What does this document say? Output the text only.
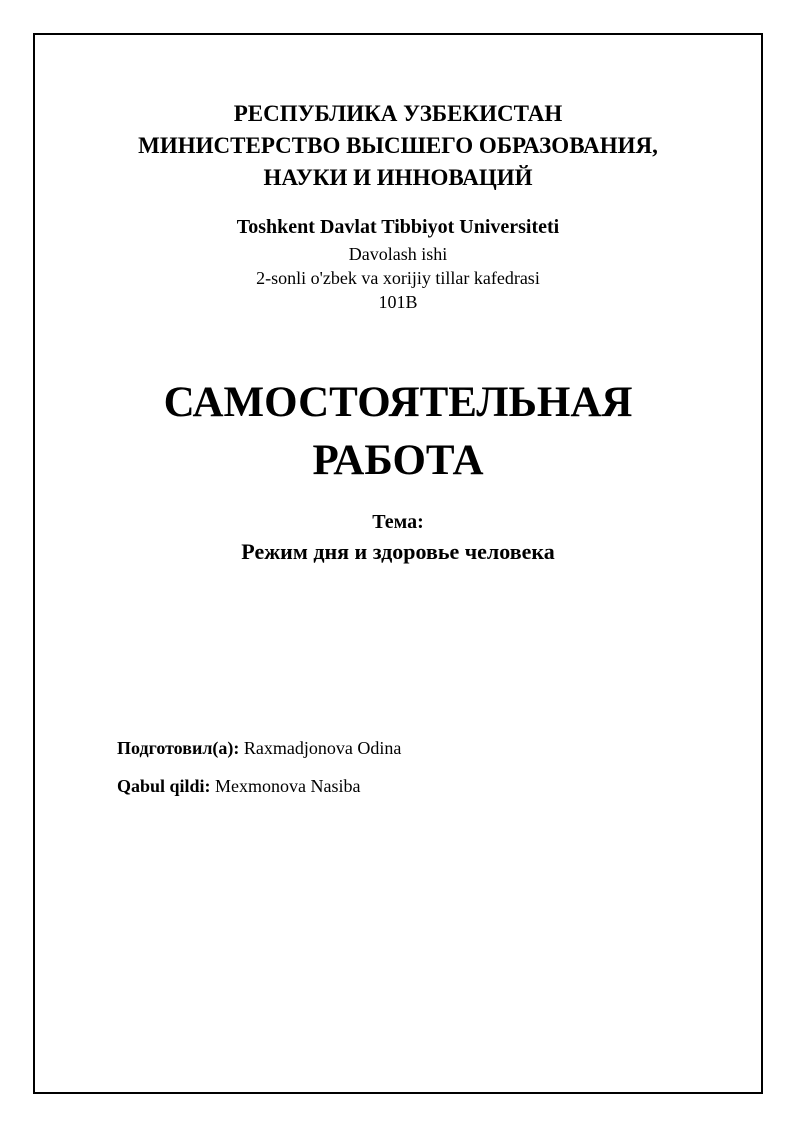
РЕСПУБЛИКА УЗБЕКИСТАН
МИНИСТЕРСТВО ВЫСШЕГО ОБРАЗОВАНИЯ,
НАУКИ И ИННОВАЦИЙ
Toshkent Davlat Tibbiyot Universiteti
Davolash ishi
2-sonli o'zbek va xorijiy tillar kafedrasi
101B
САМОСТОЯТЕЛЬНАЯ
РАБОТА
Тема:
Режим дня и здоровье человека
Подготовил(а): Raxmadjonova Odina
Qabul qildi: Mexmonova Nasiba
